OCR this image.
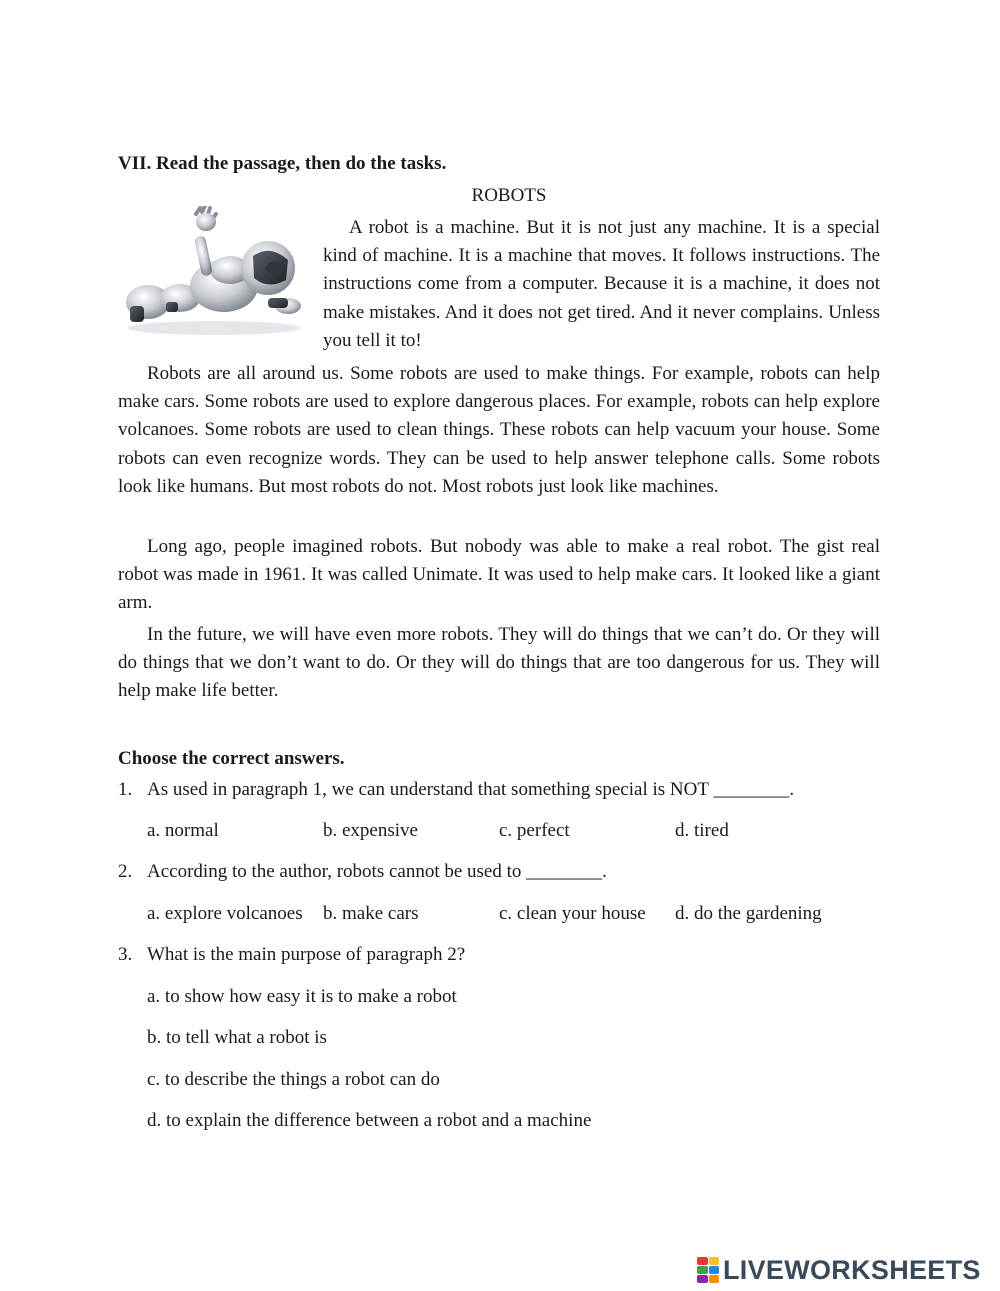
VII. Read the passage, then do the tasks.
ROBOTS

A robot is a machine. But it is not just any machine. It is a special kind of machine. It is a machine that moves. It follows instructions. The instructions come from a computer. Because it is a machine, it does not make mistakes. And it does not get tired. And it never complains. Unless you tell it to!

Robots are all around us. Some robots are used to make things. For example, robots can help make cars. Some robots are used to explore dangerous places. For example, robots can help explore volcanoes. Some robots are used to clean things. These robots can help vacuum your house. Some robots can even recognize words. They can be used to help answer telephone calls. Some robots look like humans. But most robots do not. Most robots just look like machines.

Long ago, people imagined robots. But nobody was able to make a real robot. The gist real robot was made in 1961. It was called Unimate. It was used to help make cars. It looked like a giant arm.

In the future, we will have even more robots. They will do things that we can’t do. Or they will do things that we don’t want to do. Or they will do things that are too dangerous for us. They will help make life better.

Choose the correct answers.
1. As used in paragraph 1, we can understand that something special is NOT ________.
a. normal	b. expensive	c. perfect	d. tired
2. According to the author, robots cannot be used to ________.
a. explore volcanoes b. make cars	c. clean your house d. do the gardening
3. What is the main purpose of paragraph 2?
a. to show how easy it is to make a robot
b. to tell what a robot is
c. to describe the things a robot can do
d. to explain the difference between a robot and a machine
LIVEWORKSHEETS
